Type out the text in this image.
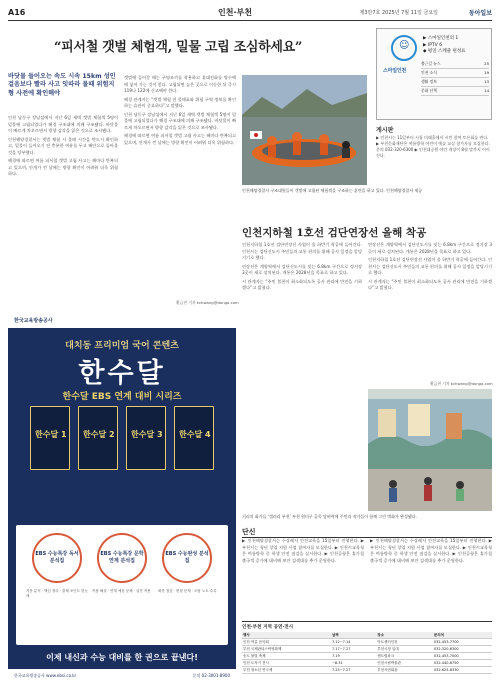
A16	인천·부천	제3만7호 2025년 7월 11일 금요일	동아일보
“피서철 갯벌 체험객, 밀물 고립 조심하세요”
바닷물 들어오는 속도 시속 15km 성인 걸음보다 빨라 사고 잇따라 물때 위험지형 사전에 확인해야

인천 남동구 장남섬에서 지난 6일 새벽 갯벌 체험객 5명이 밀물에 고립되었다가 해경 구조대에 의해 구조됐다. 바닷물이 빠르게 차오르면서 방향 감각을 잃은 것으로 조사됐다.

인천해양경찰서는 갯벌 체험 시 물때 시간을 반드시 확인하고, 밀물이 들어오기 전 충분한 여유를 두고 해안으로 돌아올 것을 당부했다.

해경에 따르면 여름 피서철 갯벌 고립 사고는 해마다 반복되고 있으며, 안개가 낀 날에는 방향 확인이 어려워 더욱 위험하다.

갯벌에 들어갈 때는 구명조끼를 착용하고 휴대전화를 방수팩에 넣어 가는 것이 좋다. 고립되면 높은 곳으로 이동한 뒤 즉시 119나 122에 신고해야 한다.

해경 관계자는 “갯벌 체험 전 물때표와 위험 구역 정보를 확인하는 습관이 중요하다”고 말했다.

인천 남동구 장남섬에서 지난 6일 새벽 갯벌 체험객 5명이 밀물에 고립되었다가 해경 구조대에 의해 구조됐다. 바닷물이 빠르게 차오르면서 방향 감각을 잃은 것으로 조사됐다.

해경에 따르면 여름 피서철 갯벌 고립 사고는 해마다 반복되고 있으며, 안개가 낀 날에는 방향 확인이 어려워 더욱 위험하다.

인천해양경찰서 구조대원들이 갯벌에 고립된 체험객을 구조하는 훈련을 하고 있다. 인천해양경찰서 제공
황금천 기자 kchwang@donga.com
☺
스마일인천
▶ 스마일인천의 1
▶ IPTV 6
◆ 평일 스케줄 편성표
출근길 뉴스	25
인천 소식	19
생활 정보	13
문화 산책	14
게시판
▶ 인천시는 11일부터 시청 미래홀에서 시민 참여 토론회를 연다. ▶ 부천문화재단은 여름방학 어린이 예술 교실 참가자를 모집한다. 문의 032-320-6300 ▶ 인천대공원 야간 개장이 8월 말까지 이어진다.
한국교육방송공사
대치동 프리미엄 국어 콘텐츠
한수달
한수달 EBS 연계 대비 시리즈
한수달 1 한수달 2 한수달 3 한수달 4
EBS 수능특강 독서 분석집
EBS 수능특강 문학 연계 분석집
EBS 수능완성 분석집
지문 분석 · 핵심 정리 · 출제 포인트 한눈에
작품 해설 · 연계 예상 문제 · 실전 적용	최종 점검 · 변형 문제 · 오답 노트 수록
이제 내신과 수능 대비를 한 권으로 끝낸다!
한국교육방송공사 www.ebsi.co.kr	문의 02-3001-8900
인천지하철 1호선 검단연장선 올해 착공

인천지하철 1호선 검단연장선 사업이 올 하반기 착공에 들어간다. 인천시는 검단신도시 주민들의 교통 편의를 위해 공사 일정을 앞당기기로 했다.

연장선은 계양역에서 검단신도시를 잇는 6.8km 구간으로 정거장 3곳이 새로 설치된다. 개통은 2028년을 목표로 하고 있다.

시 관계자는 “주민 불편이 최소화되도록 공사 관리에 만전을 기하겠다”고 밝혔다.

연장선은 계양역에서 검단신도시를 잇는 6.8km 구간으로 정거장 3곳이 새로 설치된다. 개통은 2028년을 목표로 하고 있다.

인천지하철 1호선 검단연장선 사업이 올 하반기 착공에 들어간다. 인천시는 검단신도시 주민들의 교통 편의를 위해 공사 일정을 앞당기기로 했다.

시 관계자는 “주민 불편이 최소화되도록 공사 관리에 만전을 기하겠다”고 밝혔다.

황금천 기자 kchwang@donga.com
거리의 화가들 ‘갤러리 부천’ 부천 원미구 골목 담벼락에 주민과 작가들이 함께 그린 벽화가 완성됐다.
단신
▶ 인천해양경찰서는 수상레저 안전교육을 15일부터 진행한다. ▶ 부천시는 청년 창업 지원 사업 참여자를 모집한다. ▶ 인천시교육청은 여름방학 중 학생 안전 점검을 실시한다. ▶ 인천공항은 휴가철 출국객 증가에 대비해 보안 검색대를 추가 운영한다.
▶ 인천해양경찰서는 수상레저 안전교육을 15일부터 진행한다. ▶ 부천시는 청년 창업 지원 사업 참여자를 모집한다. ▶ 인천시교육청은 여름방학 중 학생 안전 점검을 실시한다. ▶ 인천공항은 휴가철 출국객 증가에 대비해 보안 검색대를 추가 운영한다.
인천·부천 지역 공연·전시
행사	날짜	장소	문의처
인천 여름 음악회	7.12~7.14	아트센터인천	032-453-7700
부천 국제판타스틱영화제	7.17~7.27	부천시청 일대	032-320-6300
송도 불빛 축제	7.19	센트럴파크	032-453-7000
인천 도자기 전시	~8.31	인천시립박물관	032-440-6750
부천 청소년 연극제	7.25~7.27	부천시민회관	032-625-8330
